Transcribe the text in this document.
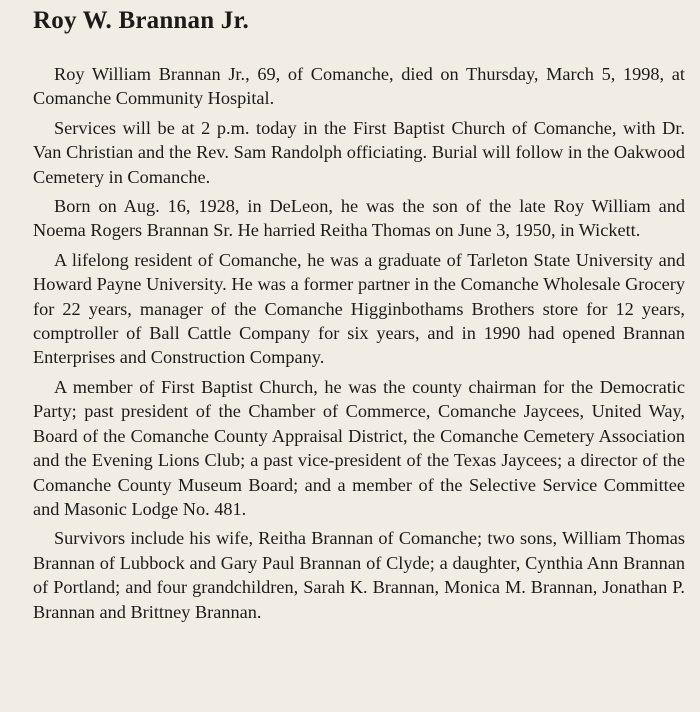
Roy W. Brannan Jr.

Roy William Brannan Jr., 69, of Comanche, died on Thursday, March 5, 1998, at Comanche Community Hospital.

Services will be at 2 p.m. today in the First Baptist Church of Comanche, with Dr. Van Christian and the Rev. Sam Randolph officiating. Burial will follow in the Oakwood Cemetery in Comanche.

Born on Aug. 16, 1928, in DeLeon, he was the son of the late Roy William and Noema Rogers Brannan Sr. He harried Reitha Thomas on June 3, 1950, in Wickett.

A lifelong resident of Comanche, he was a graduate of Tarleton State University and Howard Payne University. He was a former partner in the Comanche Wholesale Grocery for 22 years, manager of the Comanche Higginbothams Brothers store for 12 years, comptroller of Ball Cattle Company for six years, and in 1990 had opened Brannan Enterprises and Construction Company.

A member of First Baptist Church, he was the county chairman for the Democratic Party; past president of the Chamber of Commerce, Comanche Jaycees, United Way, Board of the Comanche County Appraisal District, the Comanche Cemetery Association and the Evening Lions Club; a past vice-president of the Texas Jaycees; a director of the Comanche County Museum Board; and a member of the Selective Service Committee and Masonic Lodge No. 481.

Survivors include his wife, Reitha Brannan of Comanche; two sons, William Thomas Brannan of Lubbock and Gary Paul Brannan of Clyde; a daughter, Cynthia Ann Brannan of Portland; and four grandchildren, Sarah K. Brannan, Monica M. Brannan, Jonathan P. Brannan and Brittney Brannan.
